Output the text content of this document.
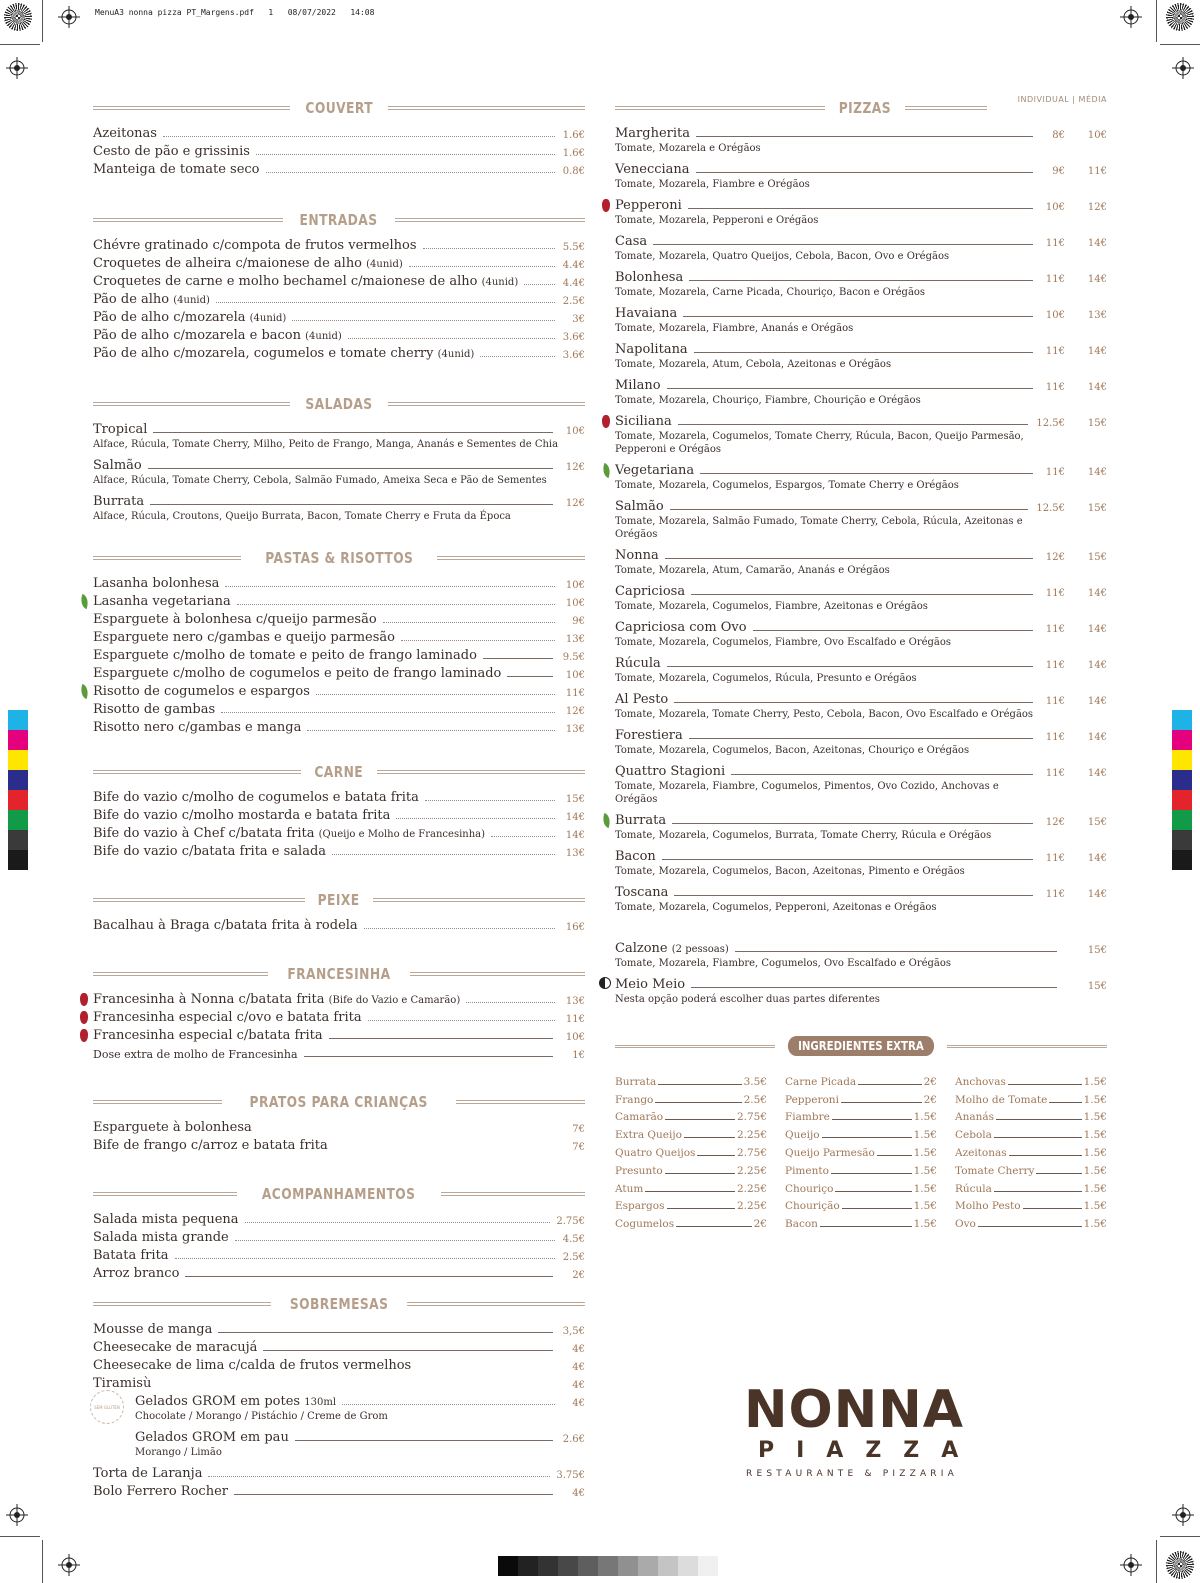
MenuA3 nonna pizza PT_Margens.pdf 1 08/07/2022 14:08
COUVERT
Azeitonas	1.6€
Cesto de pão e grissinis	1.6€
Manteiga de tomate seco	0.8€
ENTRADAS
Chévre gratinado c/compota de frutos vermelhos	5.5€
Croquetes de alheira c/maionese de alho (4unid)	4.4€
Croquetes de carne e molho bechamel c/maionese de alho (4unid)	4.4€
Pão de alho (4unid)	2.5€
Pão de alho c/mozarela (4unid)	3€
Pão de alho c/mozarela e bacon (4unid)	3.6€
Pão de alho c/mozarela, cogumelos e tomate cherry (4unid)	3.6€
SALADAS
Tropical	10€
Alface, Rúcula, Tomate Cherry, Milho, Peito de Frango, Manga, Ananás e Sementes de Chia
Salmão	12€
Alface, Rúcula, Tomate Cherry, Cebola, Salmão Fumado, Ameixa Seca e Pão de Sementes
Burrata	12€
Alface, Rúcula, Croutons, Queijo Burrata, Bacon, Tomate Cherry e Fruta da Época
PASTAS & RISOTTOS
Lasanha bolonhesa	10€
Lasanha vegetariana	10€
Esparguete à bolonhesa c/queijo parmesão	9€
Esparguete nero c/gambas e queijo parmesão	13€
Esparguete c/molho de tomate e peito de frango laminado	9.5€
Esparguete c/molho de cogumelos e peito de frango laminado	10€
Risotto de cogumelos e espargos	11€
Risotto de gambas	12€
Risotto nero c/gambas e manga	13€
CARNE
Bife do vazio c/molho de cogumelos e batata frita	15€
Bife do vazio c/molho mostarda e batata frita	14€
Bife do vazio à Chef c/batata frita (Queijo e Molho de Francesinha)	14€
Bife do vazio c/batata frita e salada	13€
PEIXE
Bacalhau à Braga c/batata frita à rodela	16€
FRANCESINHA
Francesinha à Nonna c/batata frita (Bife do Vazio e Camarão)	13€
Francesinha especial c/ovo e batata frita	11€
Francesinha especial c/batata frita	10€
Dose extra de molho de Francesinha	1€
PRATOS PARA CRIANÇAS
Esparguete à bolonhesa	7€
Bife de frango c/arroz e batata frita	7€
ACOMPANHAMENTOS
Salada mista pequena	2.75€
Salada mista grande	4.5€
Batata frita	2.5€
Arroz branco	2€
SOBREMESAS
Mousse de manga	3,5€
Cheesecake de maracujá	4€
Cheesecake de lima c/calda de frutos vermelhos	4€
Tiramisù	4€
Gelados GROM em potes 130ml	4€
Chocolate / Morango / Pistáchio / Creme de Grom
Gelados GROM em pau	2.6€
Morango / Limão
Torta de Laranja	3.75€
Bolo Ferrero Rocher	4€
SEM GLÚTEN
PIZZAS	INDIVIDUAL | MÉDIA
Margherita	8€	10€
Tomate, Mozarela e Orégãos
Venecciana	9€	11€
Tomate, Mozarela, Fiambre e Orégãos
Pepperoni	10€	12€
Tomate, Mozarela, Pepperoni e Orégãos
Casa	11€	14€
Tomate, Mozarela, Quatro Queijos, Cebola, Bacon, Ovo e Orégãos
Bolonhesa	11€	14€
Tomate, Mozarela, Carne Picada, Chouriço, Bacon e Orégãos
Havaiana	10€	13€
Tomate, Mozarela, Fiambre, Ananás e Orégãos
Napolitana	11€	14€
Tomate, Mozarela, Atum, Cebola, Azeitonas e Orégãos
Milano	11€	14€
Tomate, Mozarela, Chouriço, Fiambre, Chourição e Orégãos
Siciliana	12.5€	15€
Tomate, Mozarela, Cogumelos, Tomate Cherry, Rúcula, Bacon, Queijo Parmesão, Pepperoni e Orégãos
Vegetariana	11€	14€
Tomate, Mozarela, Cogumelos, Espargos, Tomate Cherry e Orégãos
Salmão	12.5€	15€
Tomate, Mozarela, Salmão Fumado, Tomate Cherry, Cebola, Rúcula, Azeitonas e Orégãos
Nonna	12€	15€
Tomate, Mozarela, Atum, Camarão, Ananás e Orégãos
Capriciosa	11€	14€
Tomate, Mozarela, Cogumelos, Fiambre, Azeitonas e Orégãos
Capriciosa com Ovo	11€	14€
Tomate, Mozarela, Cogumelos, Fiambre, Ovo Escalfado e Orégãos
Rúcula	11€	14€
Tomate, Mozarela, Cogumelos, Rúcula, Presunto e Orégãos
Al Pesto	11€	14€
Tomate, Mozarela, Tomate Cherry, Pesto, Cebola, Bacon, Ovo Escalfado e Orégãos
Forestiera	11€	14€
Tomate, Mozarela, Cogumelos, Bacon, Azeitonas, Chouriço e Orégãos
Quattro Stagioni	11€	14€
Tomate, Mozarela, Fiambre, Cogumelos, Pimentos, Ovo Cozido, Anchovas e Orégãos
Burrata	12€	15€
Tomate, Mozarela, Cogumelos, Burrata, Tomate Cherry, Rúcula e Orégãos
Bacon	11€	14€
Tomate, Mozarela, Cogumelos, Bacon, Azeitonas, Pimento e Orégãos
Toscana	11€	14€
Tomate, Mozarela, Cogumelos, Pepperoni, Azeitonas e Orégãos
Calzone (2 pessoas)	15€
Tomate, Mozarela, Fiambre, Cogumelos, Ovo Escalfado e Orégãos
Meio Meio	15€
Nesta opção poderá escolher duas partes diferentes
INGREDIENTES EXTRA
Burrata	3.5€
Frango	2.5€
Camarão	2.75€
Extra Queijo	2.25€
Quatro Queijos	2.75€
Presunto	2.25€
Atum	2.25€
Espargos	2.25€
Cogumelos	2€
Carne Picada	2€
Pepperoni	2€
Fiambre	1.5€
Queijo	1.5€
Queijo Parmesão	1.5€
Pimento	1.5€
Chouriço	1.5€
Chourição	1.5€
Bacon	1.5€
Anchovas	1.5€
Molho de Tomate	1.5€
Ananás	1.5€
Cebola	1.5€
Azeitonas	1.5€
Tomate Cherry	1.5€
Rúcula	1.5€
Molho Pesto	1.5€
Ovo	1.5€
NONNA
PIAZZA
RESTAURANTE & PIZZARIA
